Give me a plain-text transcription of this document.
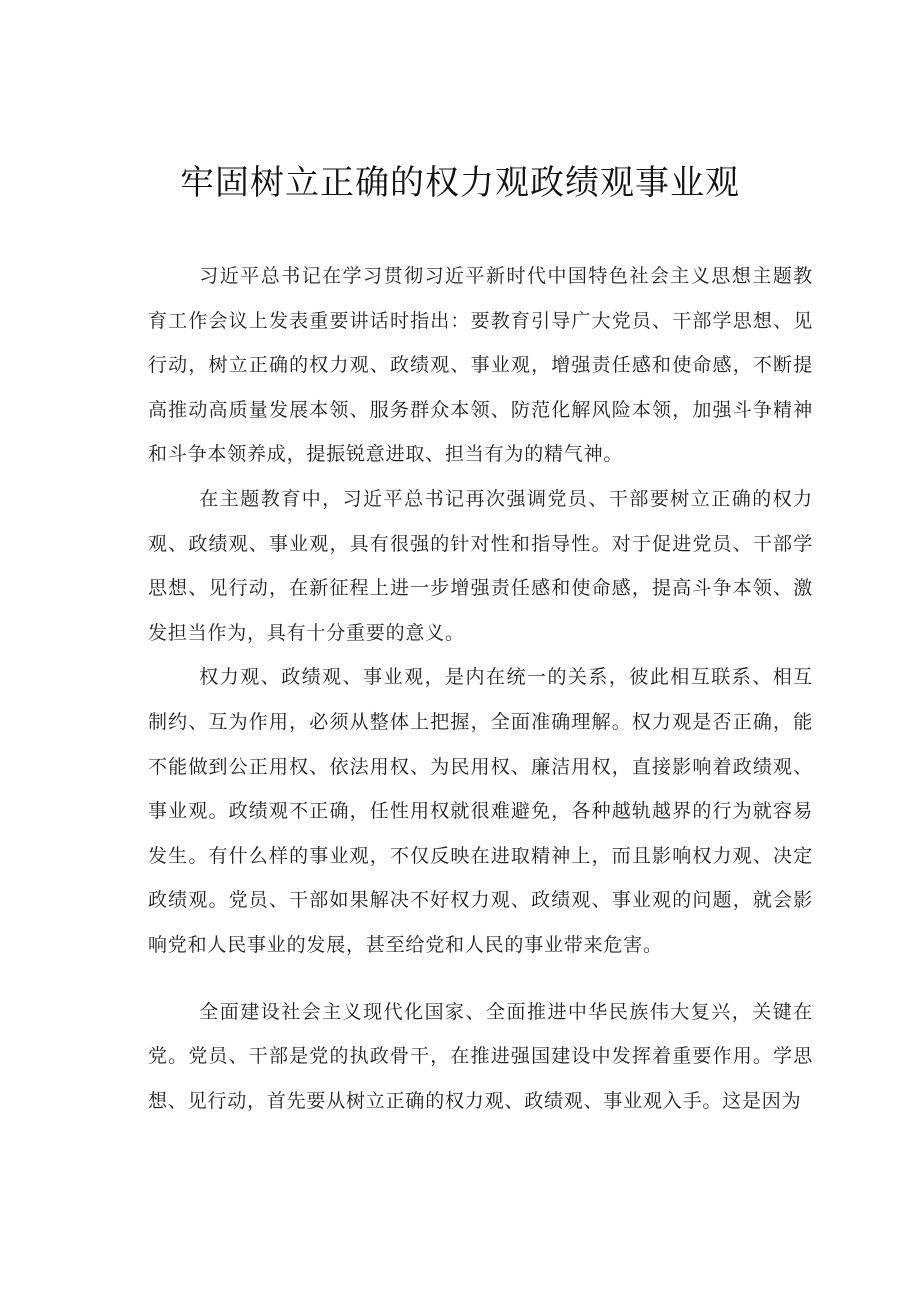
牢固树立正确的权力观政绩观事业观

习近平总书记在学习贯彻习近平新时代中国特色社会主义思想主题教育工作会议上发表重要讲话时指出：要教育引导广大党员、干部学思想、见行动，树立正确的权力观、政绩观、事业观，增强责任感和使命感，不断提高推动高质量发展本领、服务群众本领、防范化解风险本领，加强斗争精神和斗争本领养成，提振锐意进取、担当有为的精气神。

在主题教育中，习近平总书记再次强调党员、干部要树立正确的权力观、政绩观、事业观，具有很强的针对性和指导性。对于促进党员、干部学思想、见行动，在新征程上进一步增强责任感和使命感，提高斗争本领、激发担当作为，具有十分重要的意义。

权力观、政绩观、事业观，是内在统一的关系，彼此相互联系、相互制约、互为作用，必须从整体上把握，全面准确理解。权力观是否正确，能不能做到公正用权、依法用权、为民用权、廉洁用权，直接影响着政绩观、事业观。政绩观不正确，任性用权就很难避免，各种越轨越界的行为就容易发生。有什么样的事业观，不仅反映在进取精神上，而且影响权力观、决定政绩观。党员、干部如果解决不好权力观、政绩观、事业观的问题，就会影响党和人民事业的发展，甚至给党和人民的事业带来危害。

全面建设社会主义现代化国家、全面推进中华民族伟大复兴，关键在党。党员、干部是党的执政骨干，在推进强国建设中发挥着重要作用。学思想、见行动，首先要从树立正确的权力观、政绩观、事业观入手。这是因为
